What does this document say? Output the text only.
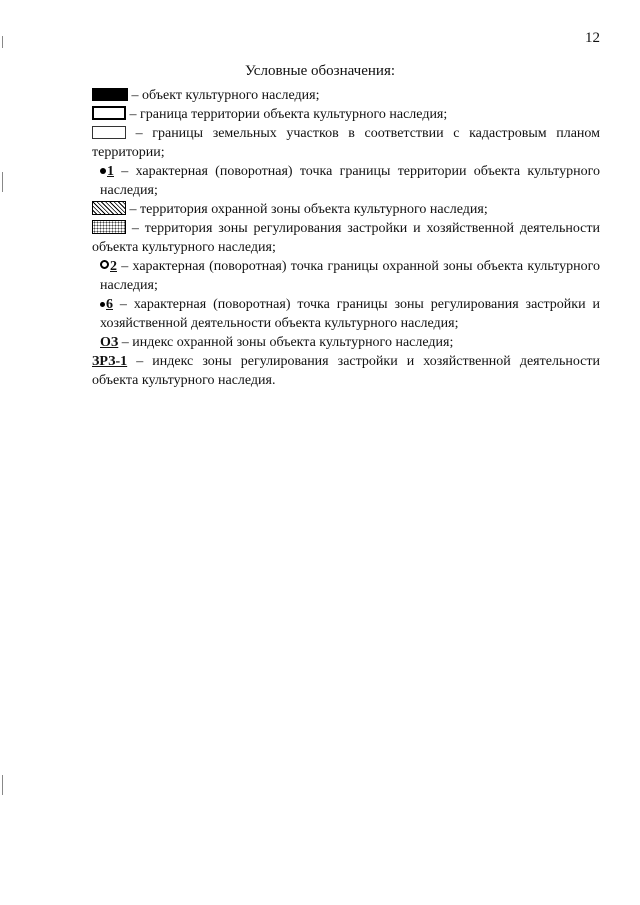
12
Условные обозначения:
– объект культурного наследия;
– граница территории объекта культурного наследия;
– границы земельных участков в соответствии с кадастровым планом территории;
1 – характерная (поворотная) точка границы территории объекта культурного наследия;
– территория охранной зоны объекта культурного наследия;
– территория зоны регулирования застройки и хозяйственной деятельности объекта культурного наследия;
2 – характерная (поворотная) точка границы охранной зоны объекта культурного наследия;
6 – характерная (поворотная) точка границы зоны регулирования застройки и хозяйственной деятельности объекта культурного наследия;
ОЗ – индекс охранной зоны объекта культурного наследия;
ЗРЗ-1 – индекс зоны регулирования застройки и хозяйственной деятельности объекта культурного наследия.
